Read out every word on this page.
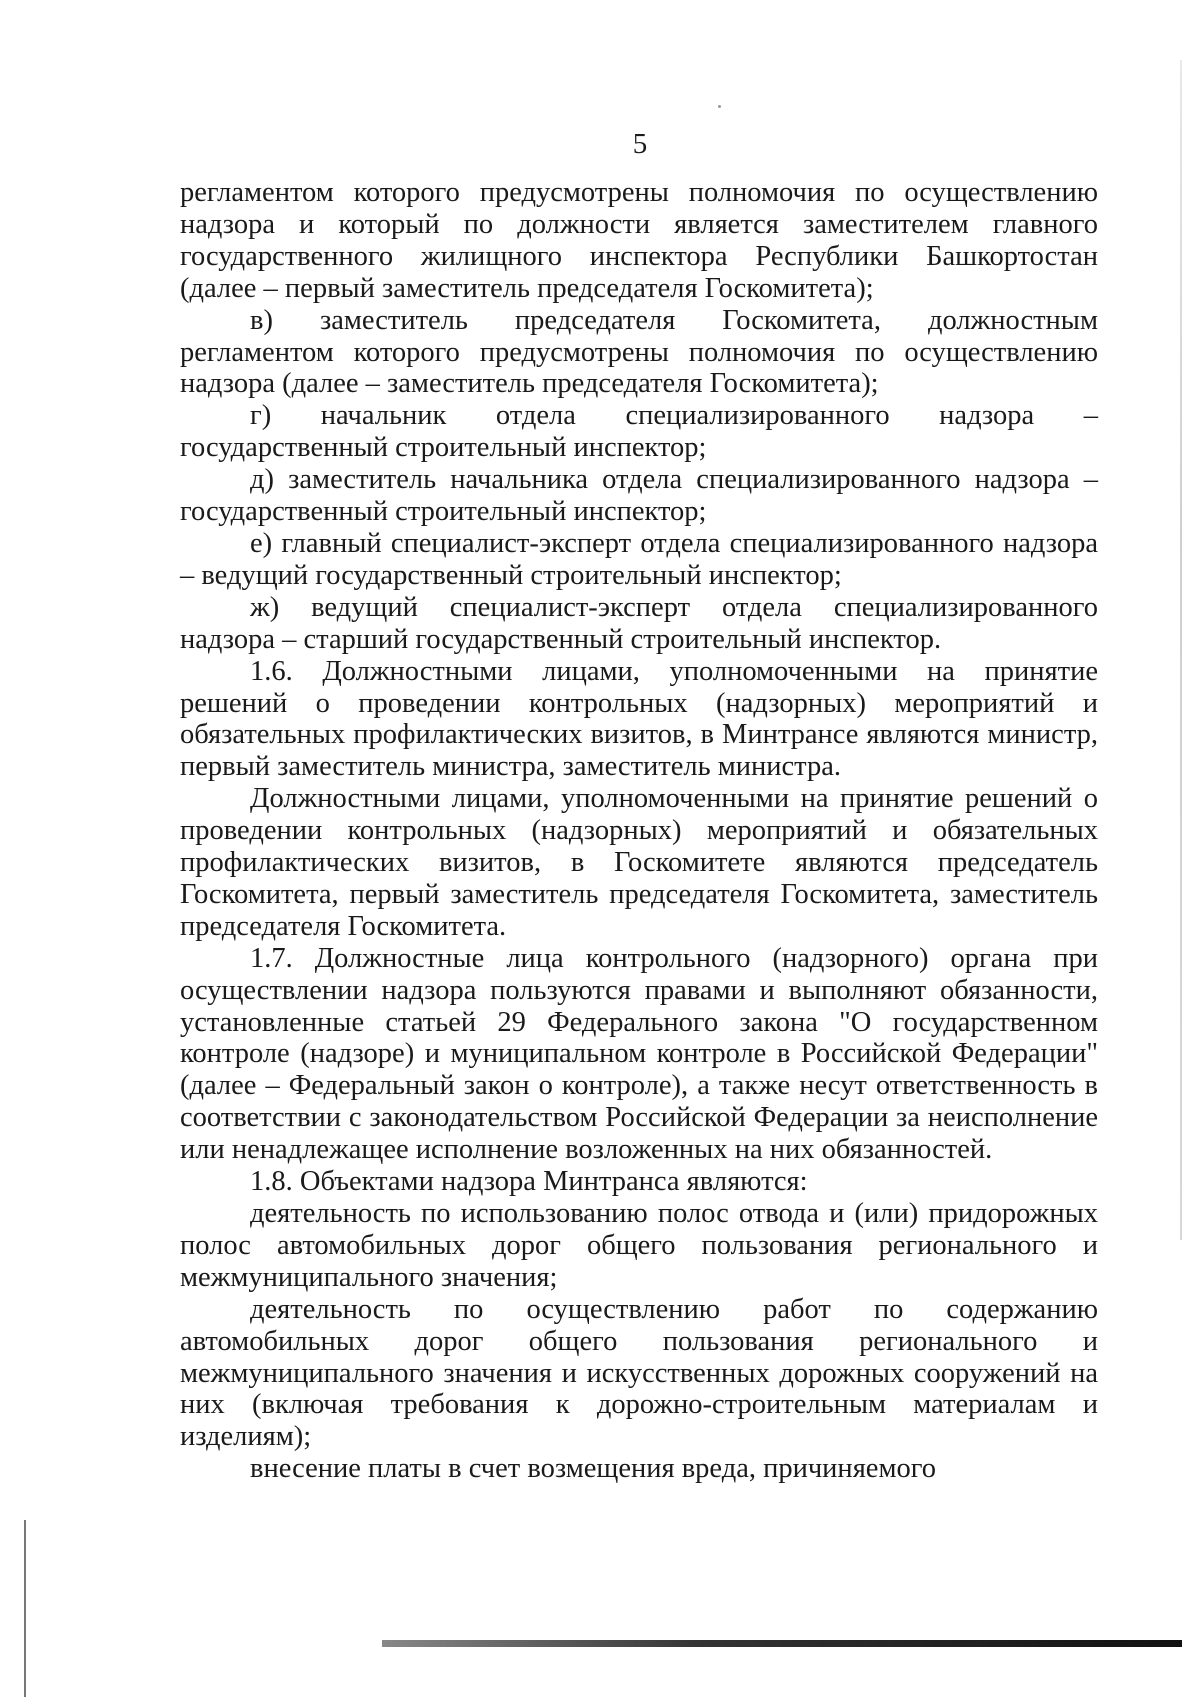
5

регламентом которого предусмотрены полномочия по осуществлению надзора и который по должности является заместителем главного государственного жилищного инспектора Республики Башкортостан (далее – первый заместитель председателя Госкомитета);

в) заместитель председателя Госкомитета, должностным регламентом которого предусмотрены полномочия по осуществлению надзора (далее – заместитель председателя Госкомитета);

г) начальник отдела специализированного надзора – государственный строительный инспектор;

д) заместитель начальника отдела специализированного надзора – государственный строительный инспектор;

е) главный специалист-эксперт отдела специализированного надзора – ведущий государственный строительный инспектор;

ж) ведущий специалист-эксперт отдела специализированного надзора – старший государственный строительный инспектор.

1.6. Должностными лицами, уполномоченными на принятие решений о проведении контрольных (надзорных) мероприятий и обязательных профилактических визитов, в Минтрансе являются министр, первый заместитель министра, заместитель министра.

Должностными лицами, уполномоченными на принятие решений о проведении контрольных (надзорных) мероприятий и обязательных профилактических визитов, в Госкомитете являются председатель Госкомитета, первый заместитель председателя Госкомитета, заместитель председателя Госкомитета.

1.7. Должностные лица контрольного (надзорного) органа при осуществлении надзора пользуются правами и выполняют обязанности, установленные статьей 29 Федерального закона "О государственном контроле (надзоре) и муниципальном контроле в Российской Федерации" (далее – Федеральный закон о контроле), а также несут ответственность в соответствии с законодательством Российской Федерации за неисполнение или ненадлежащее исполнение возложенных на них обязанностей.

1.8. Объектами надзора Минтранса являются:

деятельность по использованию полос отвода и (или) придорожных полос автомобильных дорог общего пользования регионального и межмуниципального значения;

деятельность по осуществлению работ по содержанию автомобильных дорог общего пользования регионального и межмуниципального значения и искусственных дорожных сооружений на них (включая требования к дорожно-строительным материалам и изделиям);

внесение платы в счет возмещения вреда, причиняемого
